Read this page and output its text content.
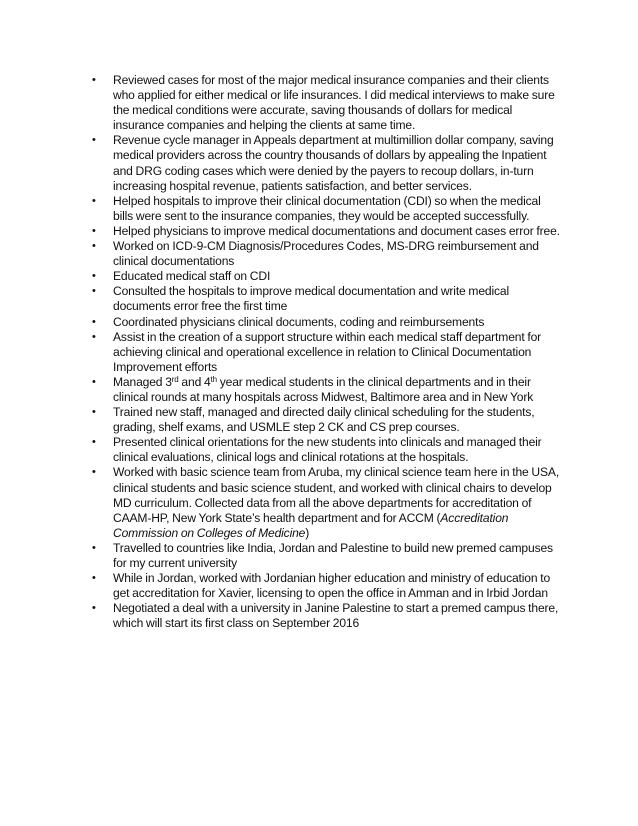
• Reviewed cases for most of the major medical insurance companies and their clients who applied for either medical or life insurances. I did medical interviews to make sure the medical conditions were accurate, saving thousands of dollars for medical insurance companies and helping the clients at same time.
• Revenue cycle manager in Appeals department at multimillion dollar company, saving medical providers across the country thousands of dollars by appealing the Inpatient and DRG coding cases which were denied by the payers to recoup dollars, in-turn increasing hospital revenue, patients satisfaction, and better services.
• Helped hospitals to improve their clinical documentation (CDI) so when the medical bills were sent to the insurance companies, they would be accepted successfully.
• Helped physicians to improve medical documentations and document cases error free.
• Worked on ICD-9-CM Diagnosis/Procedures Codes, MS-DRG reimbursement and clinical documentations
• Educated medical staff on CDI
• Consulted the hospitals to improve medical documentation and write medical documents error free the first time
• Coordinated physicians clinical documents, coding and reimbursements
• Assist in the creation of a support structure within each medical staff department for achieving clinical and operational excellence in relation to Clinical Documentation Improvement efforts
• Managed 3rd and 4th year medical students in the clinical departments and in their clinical rounds at many hospitals across Midwest, Baltimore area and in New York
• Trained new staff, managed and directed daily clinical scheduling for the students, grading, shelf exams, and USMLE step 2 CK and CS prep courses.
• Presented clinical orientations for the new students into clinicals and managed their clinical evaluations, clinical logs and clinical rotations at the hospitals.
• Worked with basic science team from Aruba, my clinical science team here in the USA, clinical students and basic science student, and worked with clinical chairs to develop MD curriculum. Collected data from all the above departments for accreditation of CAAM-HP, New York State’s health department and for ACCM (Accreditation Commission on Colleges of Medicine)
• Travelled to countries like India, Jordan and Palestine to build new premed campuses for my current university
• While in Jordan, worked with Jordanian higher education and ministry of education to get accreditation for Xavier, licensing to open the office in Amman and in Irbid Jordan
• Negotiated a deal with a university in Janine Palestine to start a premed campus there, which will start its first class on September 2016
